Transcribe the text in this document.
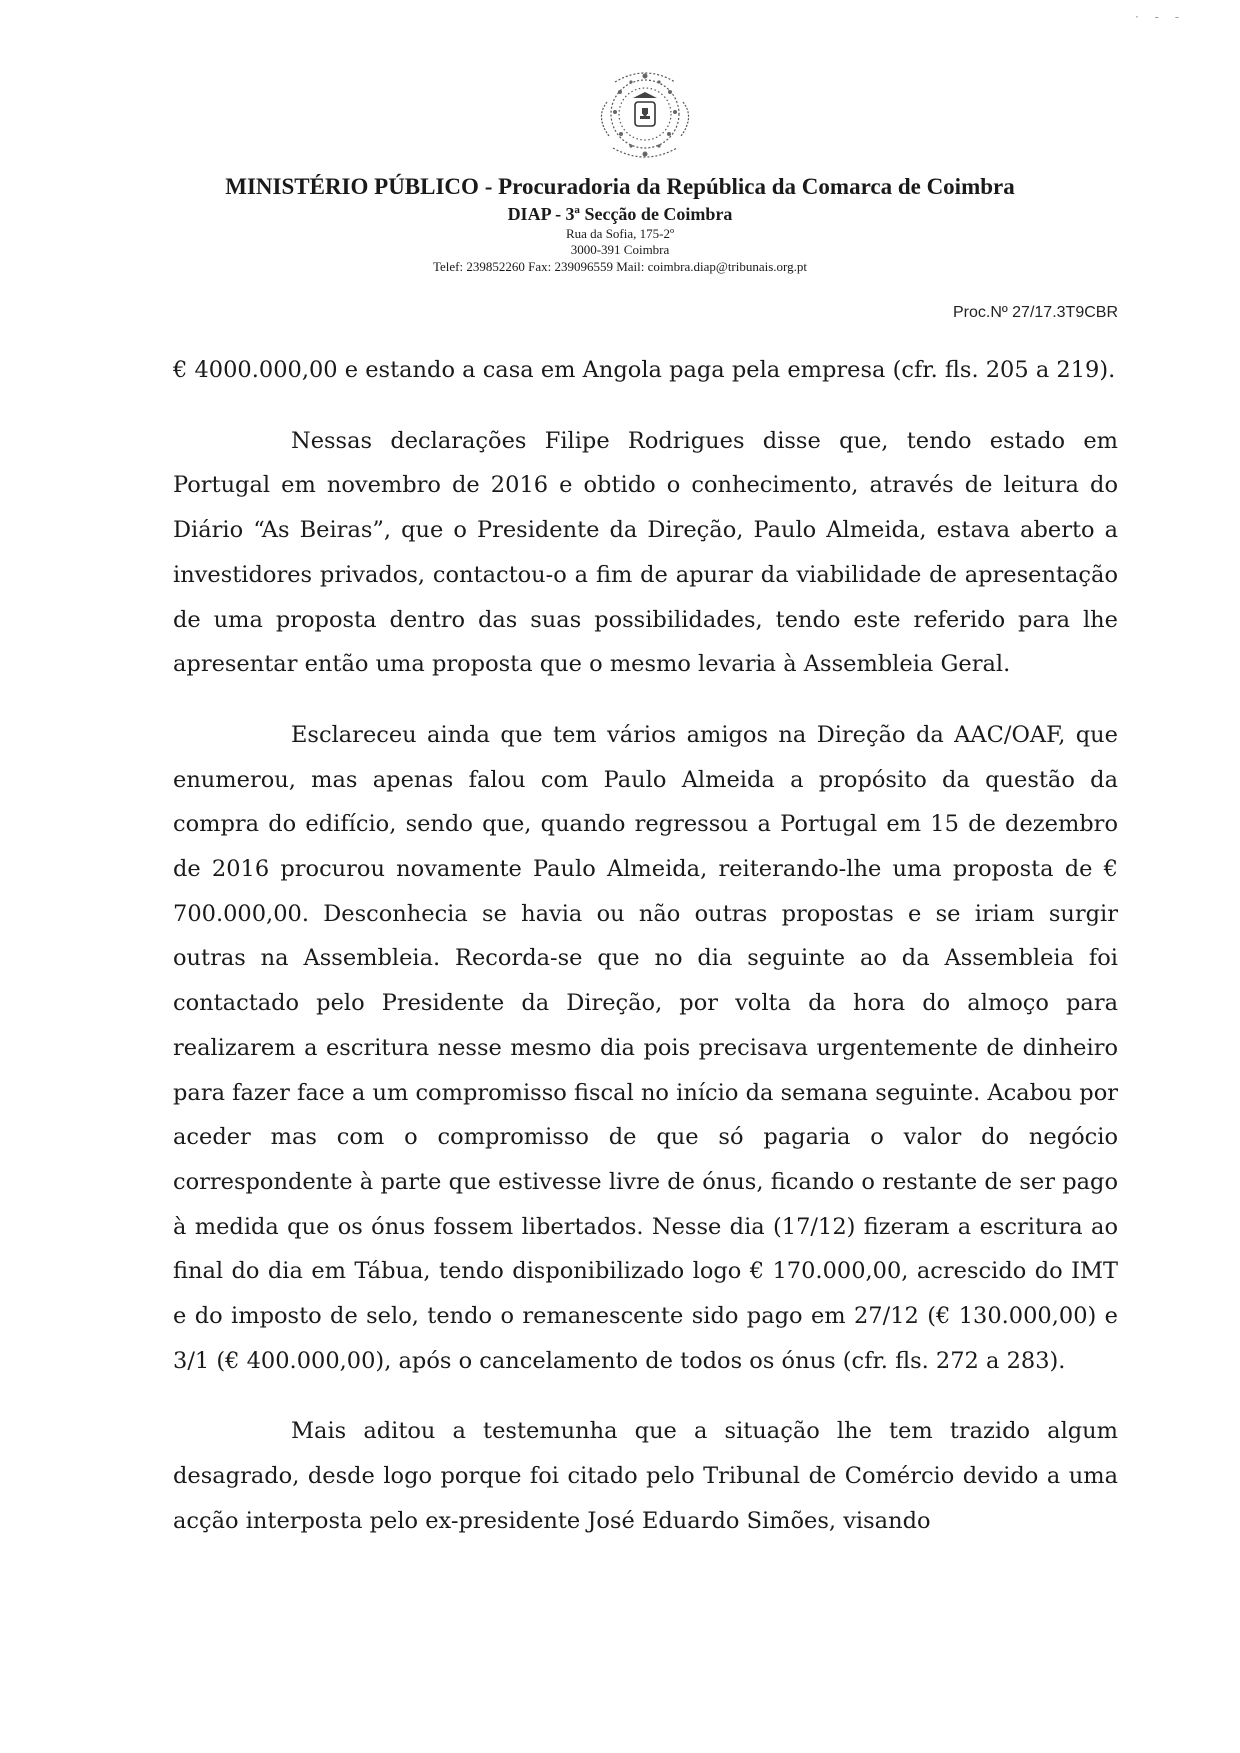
· ‐ ‐

MINISTÉRIO PÚBLICO - Procuradoria da República da Comarca de Coimbra

DIAP - 3ª Secção de Coimbra

Rua da Sofia, 175-2º

3000-391 Coimbra

Telef: 239852260 Fax: 239096559 Mail: coimbra.diap@tribunais.org.pt

Proc.Nº 27/17.3T9CBR

€ 4000.000,00 e estando a casa em Angola paga pela empresa (cfr. fls. 205 a 219).

Nessas declarações Filipe Rodrigues disse que, tendo estado em Portugal em novembro de 2016 e obtido o conhecimento, através de leitura do Diário “As Beiras”, que o Presidente da Direção, Paulo Almeida, estava aberto a investidores privados, contactou-o a fim de apurar da viabilidade de apresentação de uma proposta dentro das suas possibilidades, tendo este referido para lhe apresentar então uma proposta que o mesmo levaria à Assembleia Geral.

Esclareceu ainda que tem vários amigos na Direção da AAC/OAF, que enumerou, mas apenas falou com Paulo Almeida a propósito da questão da compra do edifício, sendo que, quando regressou a Portugal em 15 de dezembro de 2016 procurou novamente Paulo Almeida, reiterando-lhe uma proposta de € 700.000,00. Desconhecia se havia ou não outras propostas e se iriam surgir outras na Assembleia. Recorda-se que no dia seguinte ao da Assembleia foi contactado pelo Presidente da Direção, por volta da hora do almoço para realizarem a escritura nesse mesmo dia pois precisava urgentemente de dinheiro para fazer face a um compromisso fiscal no início da semana seguinte. Acabou por aceder mas com o compromisso de que só pagaria o valor do negócio correspondente à parte que estivesse livre de ónus, ficando o restante de ser pago à medida que os ónus fossem libertados. Nesse dia (17/12) fizeram a escritura ao final do dia em Tábua, tendo disponibilizado logo € 170.000,00, acrescido do IMT e do imposto de selo, tendo o remanescente sido pago em 27/12 (€ 130.000,00) e 3/1 (€ 400.000,00), após o cancelamento de todos os ónus (cfr. fls. 272 a 283).

Mais aditou a testemunha que a situação lhe tem trazido algum desagrado, desde logo porque foi citado pelo Tribunal de Comércio devido a uma acção interposta pelo ex-presidente José Eduardo Simões, visando
